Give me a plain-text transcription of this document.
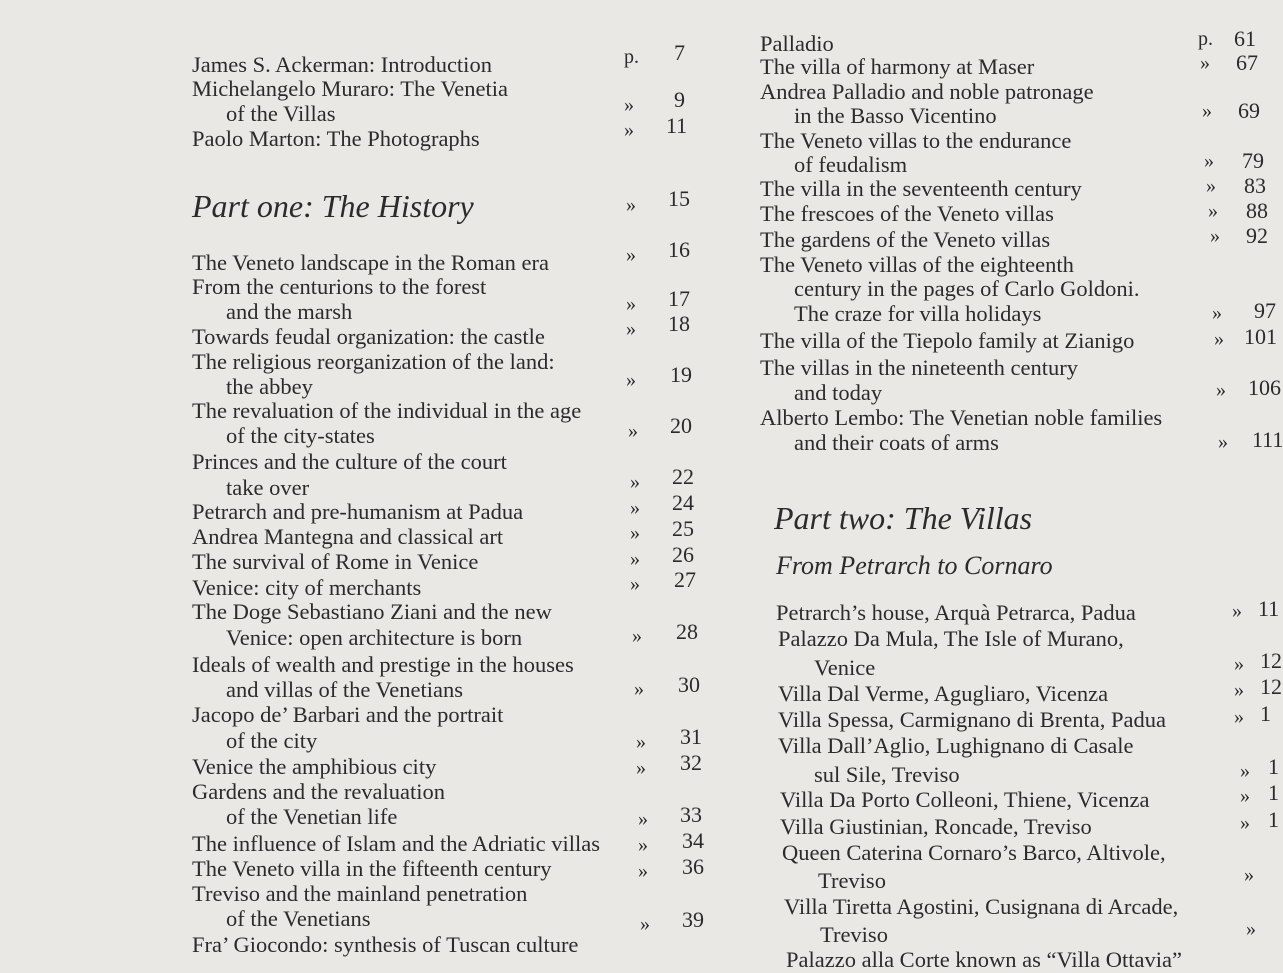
James S. Ackerman: Introduction	p. 7
Michelangelo Muraro: The Venetia
of the Villas	» 9
Paolo Marton: The Photographs	» 11
Part one: The History	» 15
The Veneto landscape in the Roman era	» 16
From the centurions to the forest
and the marsh	» 17
Towards feudal organization: the castle	» 18
The religious reorganization of the land:
the abbey	» 19
The revaluation of the individual in the age
of the city-states	» 20
Princes and the culture of the court
take over	» 22
Petrarch and pre-humanism at Padua	» 24
Andrea Mantegna and classical art	» 25
The survival of Rome in Venice	» 26
Venice: city of merchants	» 27
The Doge Sebastiano Ziani and the new
Venice: open architecture is born	» 28
Ideals of wealth and prestige in the houses
and villas of the Venetians	» 30
Jacopo de’ Barbari and the portrait
of the city	» 31
Venice the amphibious city	» 32
Gardens and the revaluation
of the Venetian life	» 33
The influence of Islam and the Adriatic villas » 34
The Veneto villa in the fifteenth century	» 36
Treviso and the mainland penetration
of the Venetians	» 39
Fra’ Giocondo: synthesis of Tuscan culture
Palladio	p. 61
The villa of harmony at Maser	» 67
Andrea Palladio and noble patronage
in the Basso Vicentino	» 69
The Veneto villas to the endurance
of feudalism	» 79
The villa in the seventeenth century	» 83
The frescoes of the Veneto villas	» 88
The gardens of the Veneto villas	» 92
The Veneto villas of the eighteenth
century in the pages of Carlo Goldoni.
The craze for villa holidays	» 97
The villa of the Tiepolo family at Zianigo	» 101
The villas in the nineteenth century
and today	» 106
Alberto Lembo: The Venetian noble families
and their coats of arms	» 111
Part two: The Villas
From Petrarch to Cornaro
Petrarch’s house, Arquà Petrarca, Padua	» 11
Palazzo Da Mula, The Isle of Murano,
Venice	» 12
Villa Dal Verme, Agugliaro, Vicenza	» 12
Villa Spessa, Carmignano di Brenta, Padua	» 1
Villa Dall’Aglio, Lughignano di Casale
sul Sile, Treviso	» 1
Villa Da Porto Colleoni, Thiene, Vicenza	» 1
Villa Giustinian, Roncade, Treviso	» 1
Queen Caterina Cornaro’s Barco, Altivole,
Treviso	»
Villa Tiretta Agostini, Cusignana di Arcade,
Treviso	»
Palazzo alla Corte known as “Villa Ottavia”
